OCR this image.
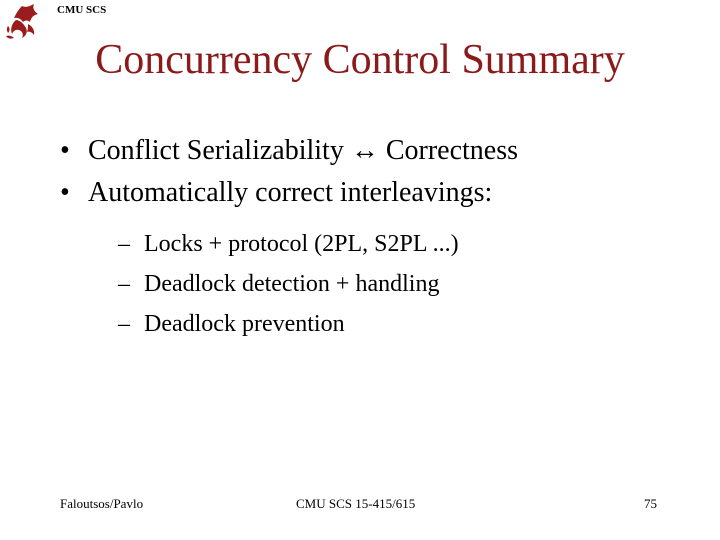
CMU SCS
Concurrency Control Summary
• Conflict Serializability ↔ Correctness
• Automatically correct interleavings:
– Locks + protocol (2PL, S2PL ...)
– Deadlock detection + handling
– Deadlock prevention
Faloutsos/Pavlo	CMU SCS 15-415/615	75
